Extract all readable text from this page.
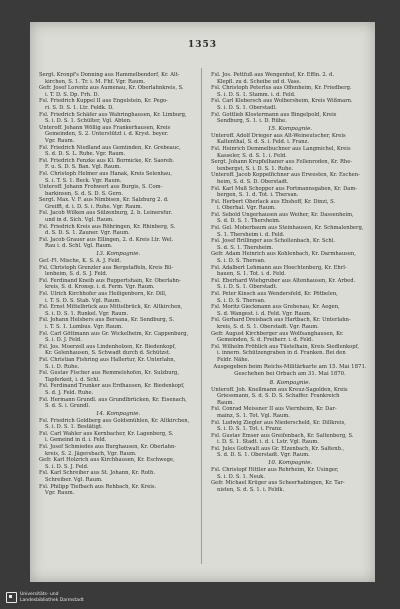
1353
Sergt. Kronpf's Donning aus Hammelbendorf, Kr. Alt-
kirchen, S. 1. Tr. i. M. Fhf. Vgr. Raum.
Gefr. Josef Lorentz aus Aumenau, Kr. Oberlahnkreis, S.
i. T. D. S. Dp. Frh. D.
Fsl. Friedrich Kuppel II aus Engelstein, Kr. Pego-
ri. S. D. S. 1. Ltr. Feldk. D.
Fsl. Friedrich Schäfer aus Wahringhausen, Kr. Limburg,
S. i. D. S. 1. Schülter, Vgl. Abten.
Unteroff. Johann Wöllig aus Frankerhausen, Kreis
Gemeinden, S. 2. Unterstützt i. d. Kryst. beyer.
Vgr. Raum.
Fsl. Friedrich Niedland aus Gemünden, Kr. Grebeauc,
S. d. D. S. L. Ruhe. Vgr. Raum.
Fsl. Friedrich Fenzke aus Kl. Bormicke, Kr. Saoreb.
F. u. S. D. S. Ban. Vgl. Raum.
Fsl. Christoph Helmer aus Hanak, Kreis Selenhau,
S. i. T. S. 1. Beck. Vgr. Raum.
Unteroff. Johann Frohwert aus Burgis, S. Com-
barkinsen, S. d. S. D. S. Gern.
Sergt. Max. V. F. aus Nimbisen, Kr. Salzburg 2. d.
Greifft, d. i. D. S. i. Ruhe. Vgr. Raum.
Fsl. Jacob Wilken aus Sülzenburg, 2. b. Leinersfur.
und in d. Sich. Vgl. Raum.
Fsl. Friedrich Kreis aus Röhringen, Kr. Rhinberg, S.
d. S. D. S. 1. Zauner. Vgr. Raum.
Fsl. Jacob Grauer aus Ellingen, 2. d. Kreis Ltr. Wel.
Rau i. d. Schl. Vgl. Raum.
13. Kompagnie.
Gef.-Fl. Mische, K. S. A. J. Feld.
Fsl. Christoph Grenzler aus Bergstaffeln, Kreis Bil-
lenheim, S. d. S. J. Feld.
Fsl. Ferdinand Kneib aus Ruppertshain, Kr. Oberlahn-
kreis, S. d. Kronsp. i. d. Ferm. Vgr. Raum.
Fsl. Ulrich Kirchhofer aus Heiligenborn, Kr. Dill,
i. T. S. D. S. Stab. Vgl. Raum.
Fsl. Ernst Mittelbrück aus Mittelbrück, Kr. Altkirchen,
S. i. D. S. 1. Runkel. Vgr. Raum.
Fsl. Johann Helsbers aus Bersana, Kr. Sendburg, S.
i. T. S. 1. Lumbus. Vgr. Raum.
Fsl. Carl Göttmann aus Gr. Wickelheim, Kr. Cappenburg,
S. i. D. J. Feld.
Fsl. Jos. Moerzell aus Lindenholzen, Kr. Biedenkopf,
Kr. Gelenhausen, S. Schwadt durch d. Schützst.
Fsl. Christian Fishring aus Hallertur, Kr. Unterlahn,
S. i. D. Ruhe.
Fsl. Gustav Fischer aus Remmelshofen, Kr. Sulzburg,
Tapferkeit, i. d. Schl.
Fsl. Ferdinand Trunker aus Erdhausen, Kr. Biedenkopf,
S. d. J. Feld. Ruhe.
Fsl. Hermann Grundl. aus Grundlbrücken, Kr. Eisenach,
S. d. S. i. Grundl.
14. Kompagnie.
Fsl. Friedrich Goldberg aus Goldsmühlen, Kr. Altkirchen,
S. i. D. S. 1. Bestätigt.
Fsl. Carl Wahler aus Kernbacher, Kr. Lagenberg, S.
i. Gemeind in d. i. Feld.
Fsl. Josef Schmiedes aus Burghausen, Kr. Oberlahn-
kreis, S. 2. Jägersbach, Vgr. Raum.
Gefr. Karl Holzrich aus Kirchhausen, Kr. Eschwege,
S. i. D. S. J. Feld.
Fsl. Karl Schreiber aus St. Johann, Kr. Roth.
Schreiber. Vgl. Raum.
Fsl. Philipp Tiefbach aus Rehbach, Kr. Kreis.
Vgr. Raum.
Fsl. Jos. Pettfuß aus Wengenhof, Kr. Effin. 2. d.
Klepfl. zu d. Scheibe ud d. Vass.
Fsl. Christoph Peterlus aus Offenheim, Kr. Friedberg.
S. i. D. S. 1. Stamm. i. d. Feld.
Fsl. Carl Klebersch aus Wolbersheim, Kreis Wißmarn.
S. i. D. S. 1. Oberstadl.
Fsl. Gottlieb Klostermann aus Bingelpold, Kreis
Sendburg, S. 1. i. D. Rühe.
15. Kompagnie.
Unteroff. Adolf Drieger aus Alt-Weineutscher, Kreis
Kaltenthal, S. d. S. i. Feld. i. Franz.
Fsl. Heinrich Demmelbuchner aus Langmichel, Kreis
Kasseler, S. d. S. 1. i. Feld.
Sergt. Johann Krupfelhaner aus Fellenroden, Kr. Rhe-
tenbergst, S. i. D. S. 1. Ruhe.
Unteroff. Jacob Koppelfichner aus Erwesten, Kr. Eschen-
heim, S. d. S. D. Oberstadt.
Fsl. Karl Muß Schopper aus Fortmannsgaben, Kr. Dam-
bergen, S. 1. d. Tot. i. Thersan.
Fsl. Herbert Oberlack aus Ebshoff, Kr. Dinzi, S.
i. Oberhal. Vgr. Raum.
Fsl. Sebold Ungerhausen aus Weiher, Kr. Dassenheim,
S. d. D. S. 1. Thersheim.
Fsl. Gel. Moherbaum aus Steinhausen, Kr. Schmalenberg,
S. 1. Thersheim i. d. Feld.
Fsl. Josef Brillinger aus Schollenbach, Kr. Schl.
S. d. S. 1. Thersheim.
Gefr. Adam Heinrich aus Kohlenbach, Kr. Darmhausen,
S. i. D. S. Thersan.
Fsl. Adalbert Lehmann aus Hoechtenberg, Kr. Ehrl-
bauen, S. 1. Tot. i. d. Feld.
Fsl. Eberhard Wiehgruber aus Altenhausen, Kr. Arbed.
S. i. D. S. 1. Oberstadt.
Fsl. Peter Kinsch aus Wendersfeld, Kr. Pötbelen,
S. i. D. S. Thersan.
Fsl. Moritz Gieckmann aus Grebenau, Kr. Aegen,
S. d. Wangest. i. d. Feld. Vgr. Raum.
Fsl. Gerhard Dreisbach aus Hartbach, Kr. Unterlahn-
kreis, S. d. S. 1. Oberstadt. Vgr. Raum.
Gefr. August Kirchberger aus Wolfsanghausen, Kr.
Gemeinden, S. d. Freiherr. i. d. Feld.
Fsl. Wilhelm Fröhlich aus Tüstelhain, Kreis Siedlenkopf,
i. innern. Schützengraben in d. Franken. Bei den
Feldr. Nähe.
Ausgegeben beim Reichs-Militärkarte am 15. Mai 1871.
Geschehen bei Orbach am 31. Mai 1870.
8. Kompagnie.
Unteroff. Joh. Knellmann aus Kreuz-Sagolden, Kreis
Griessmann, S. d. S. D. S. Schaffer. Frankreich
Raum.
Fsl. Conrad Meissner II aus Viernheim, Kr. Dar-
mainz, S. 1. Tot. Vgl. Raum.
Fsl. Ludwig Ziegler aus Niederscheld, Kr. Dillkreis,
S. i. D. S. 1. Tot. i. Franz.
Fsl. Gustav Emser aus Greifenbach, Kr. Saltenberg, S.
i. D. S. 1. Stadt. i. d. i. Lstr. Vgl. Raum.
Fsl. Jules Gottwalt aus Gr. Elzenbach, Kr. Saltenb.,
S. d. D. S. 1. Oberstadt. Vgr. Raum.
10. Kompagnie.
Fsl. Christopf Hittler aus Rehrheim, Kr. Usinger,
S. i. D. S. 1. Neuk.
Gefr. Michael Krüger aus Scheerhabingen, Kr. Tar-
nisten, S. d. S. 1. i. Feldk.
Universitäts- und
Landesbibliothek Darmstadt
